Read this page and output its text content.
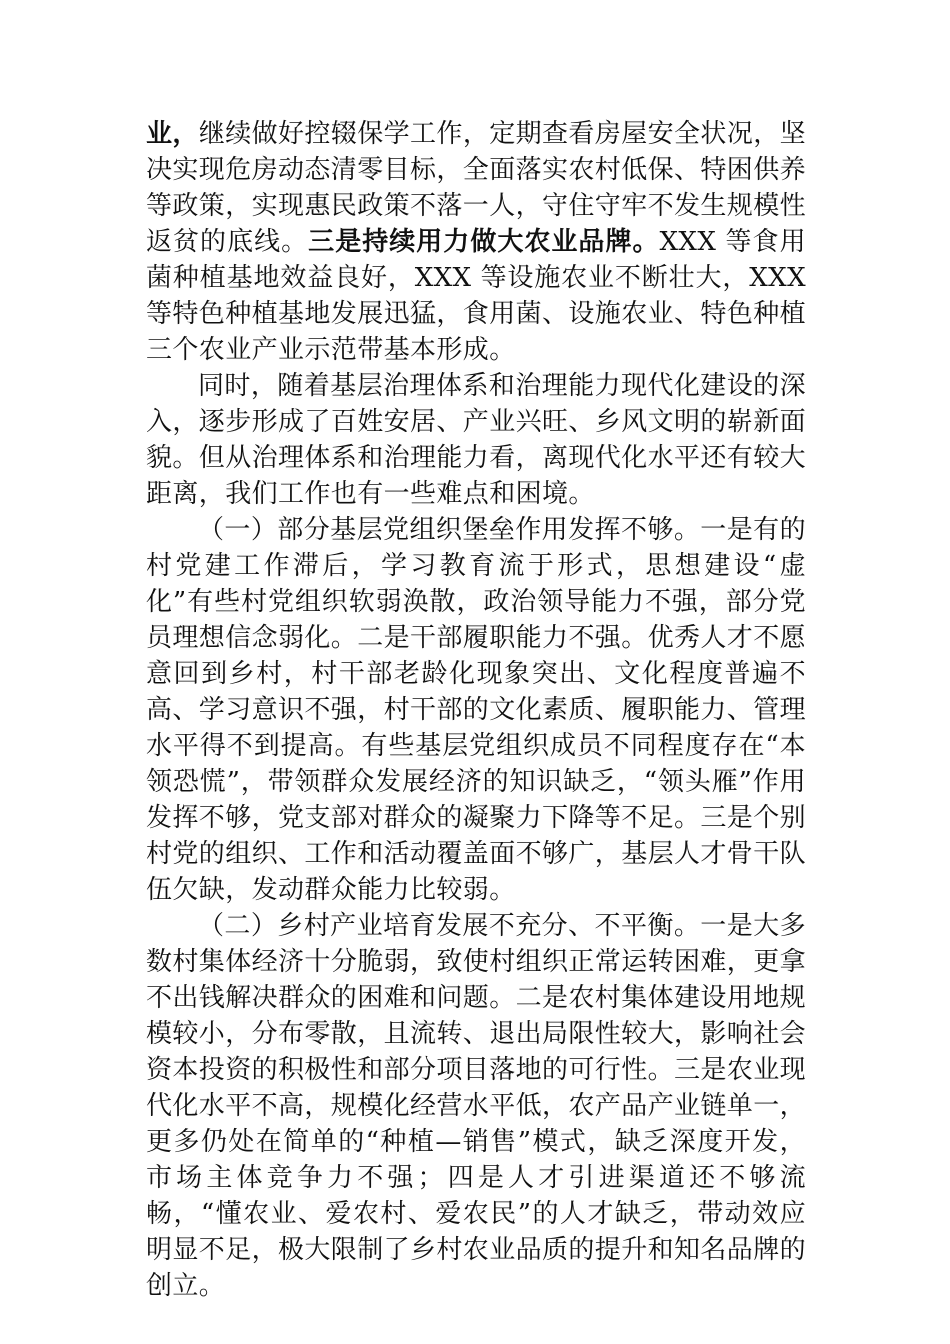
业，继续做好控辍保学工作，定期查看房屋安全状况，坚决实现危房动态清零目标，全面落实农村低保、特困供养等政策，实现惠民政策不落一人，守住守牢不发生规模性返贫的底线。三是持续用力做大农业品牌。XXX 等食用菌种植基地效益良好，XXX 等设施农业不断壮大，XXX 等特色种植基地发展迅猛，食用菌、设施农业、特色种植三个农业产业示范带基本形成。

同时，随着基层治理体系和治理能力现代化建设的深入，逐步形成了百姓安居、产业兴旺、乡风文明的崭新面貌。但从治理体系和治理能力看，离现代化水平还有较大距离，我们工作也有一些难点和困境。

（一）部分基层党组织堡垒作用发挥不够。一是有的村党建工作滞后，学习教育流于形式，思想建设“虚化”有些村党组织软弱涣散，政治领导能力不强，部分党员理想信念弱化。二是干部履职能力不强。优秀人才不愿意回到乡村，村干部老龄化现象突出、文化程度普遍不高、学习意识不强，村干部的文化素质、履职能力、管理水平得不到提高。有些基层党组织成员不同程度存在“本领恐慌”，带领群众发展经济的知识缺乏，“领头雁”作用发挥不够，党支部对群众的凝聚力下降等不足。三是个别村党的组织、工作和活动覆盖面不够广，基层人才骨干队伍欠缺，发动群众能力比较弱。

（二）乡村产业培育发展不充分、不平衡。一是大多数村集体经济十分脆弱，致使村组织正常运转困难，更拿不出钱解决群众的困难和问题。二是农村集体建设用地规模较小，分布零散，且流转、退出局限性较大，影响社会资本投资的积极性和部分项目落地的可行性。三是农业现代化水平不高，规模化经营水平低，农产品产业链单一，更多仍处在简单的“种植—销售”模式，缺乏深度开发，市场主体竞争力不强；四是人才引进渠道还不够流畅，“懂农业、爱农村、爱农民”的人才缺乏，带动效应明显不足，极大限制了乡村农业品质的提升和知名品牌的创立。
